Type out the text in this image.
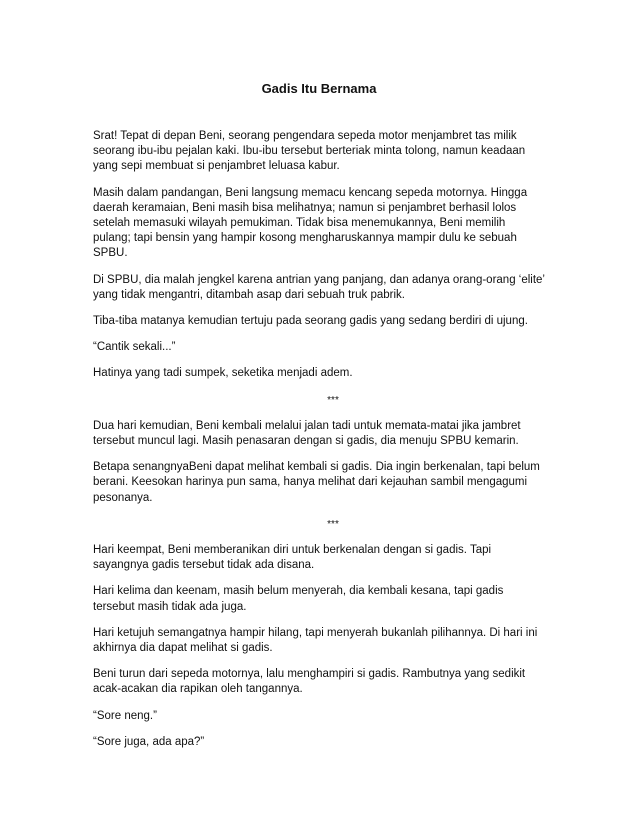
Gadis Itu Bernama
Srat! Tepat di depan Beni, seorang pengendara sepeda motor menjambret tas milik
seorang ibu-ibu pejalan kaki. Ibu-ibu tersebut berteriak minta tolong, namun keadaan
yang sepi membuat si penjambret leluasa kabur.
Masih dalam pandangan, Beni langsung memacu kencang sepeda motornya. Hingga
daerah keramaian, Beni masih bisa melihatnya; namun si penjambret berhasil lolos
setelah memasuki wilayah pemukiman. Tidak bisa menemukannya, Beni memilih
pulang; tapi bensin yang hampir kosong mengharuskannya mampir dulu ke sebuah
SPBU.
Di SPBU, dia malah jengkel karena antrian yang panjang, dan adanya orang-orang ‘elite’
yang tidak mengantri, ditambah asap dari sebuah truk pabrik.
Tiba-tiba matanya kemudian tertuju pada seorang gadis yang sedang berdiri di ujung.
“Cantik sekali...”
Hatinya yang tadi sumpek, seketika menjadi adem.
***
Dua hari kemudian, Beni kembali melalui jalan tadi untuk memata-matai jika jambret
tersebut muncul lagi. Masih penasaran dengan si gadis, dia menuju SPBU kemarin.
Betapa senangnyaBeni dapat melihat kembali si gadis. Dia ingin berkenalan, tapi belum
berani. Keesokan harinya pun sama, hanya melihat dari kejauhan sambil mengagumi
pesonanya.
***
Hari keempat, Beni memberanikan diri untuk berkenalan dengan si gadis. Tapi
sayangnya gadis tersebut tidak ada disana.
Hari kelima dan keenam, masih belum menyerah, dia kembali kesana, tapi gadis
tersebut masih tidak ada juga.
Hari ketujuh semangatnya hampir hilang, tapi menyerah bukanlah pilihannya. Di hari ini
akhirnya dia dapat melihat si gadis.
Beni turun dari sepeda motornya, lalu menghampiri si gadis. Rambutnya yang sedikit
acak-acakan dia rapikan oleh tangannya.
“Sore neng.”
“Sore juga, ada apa?”
